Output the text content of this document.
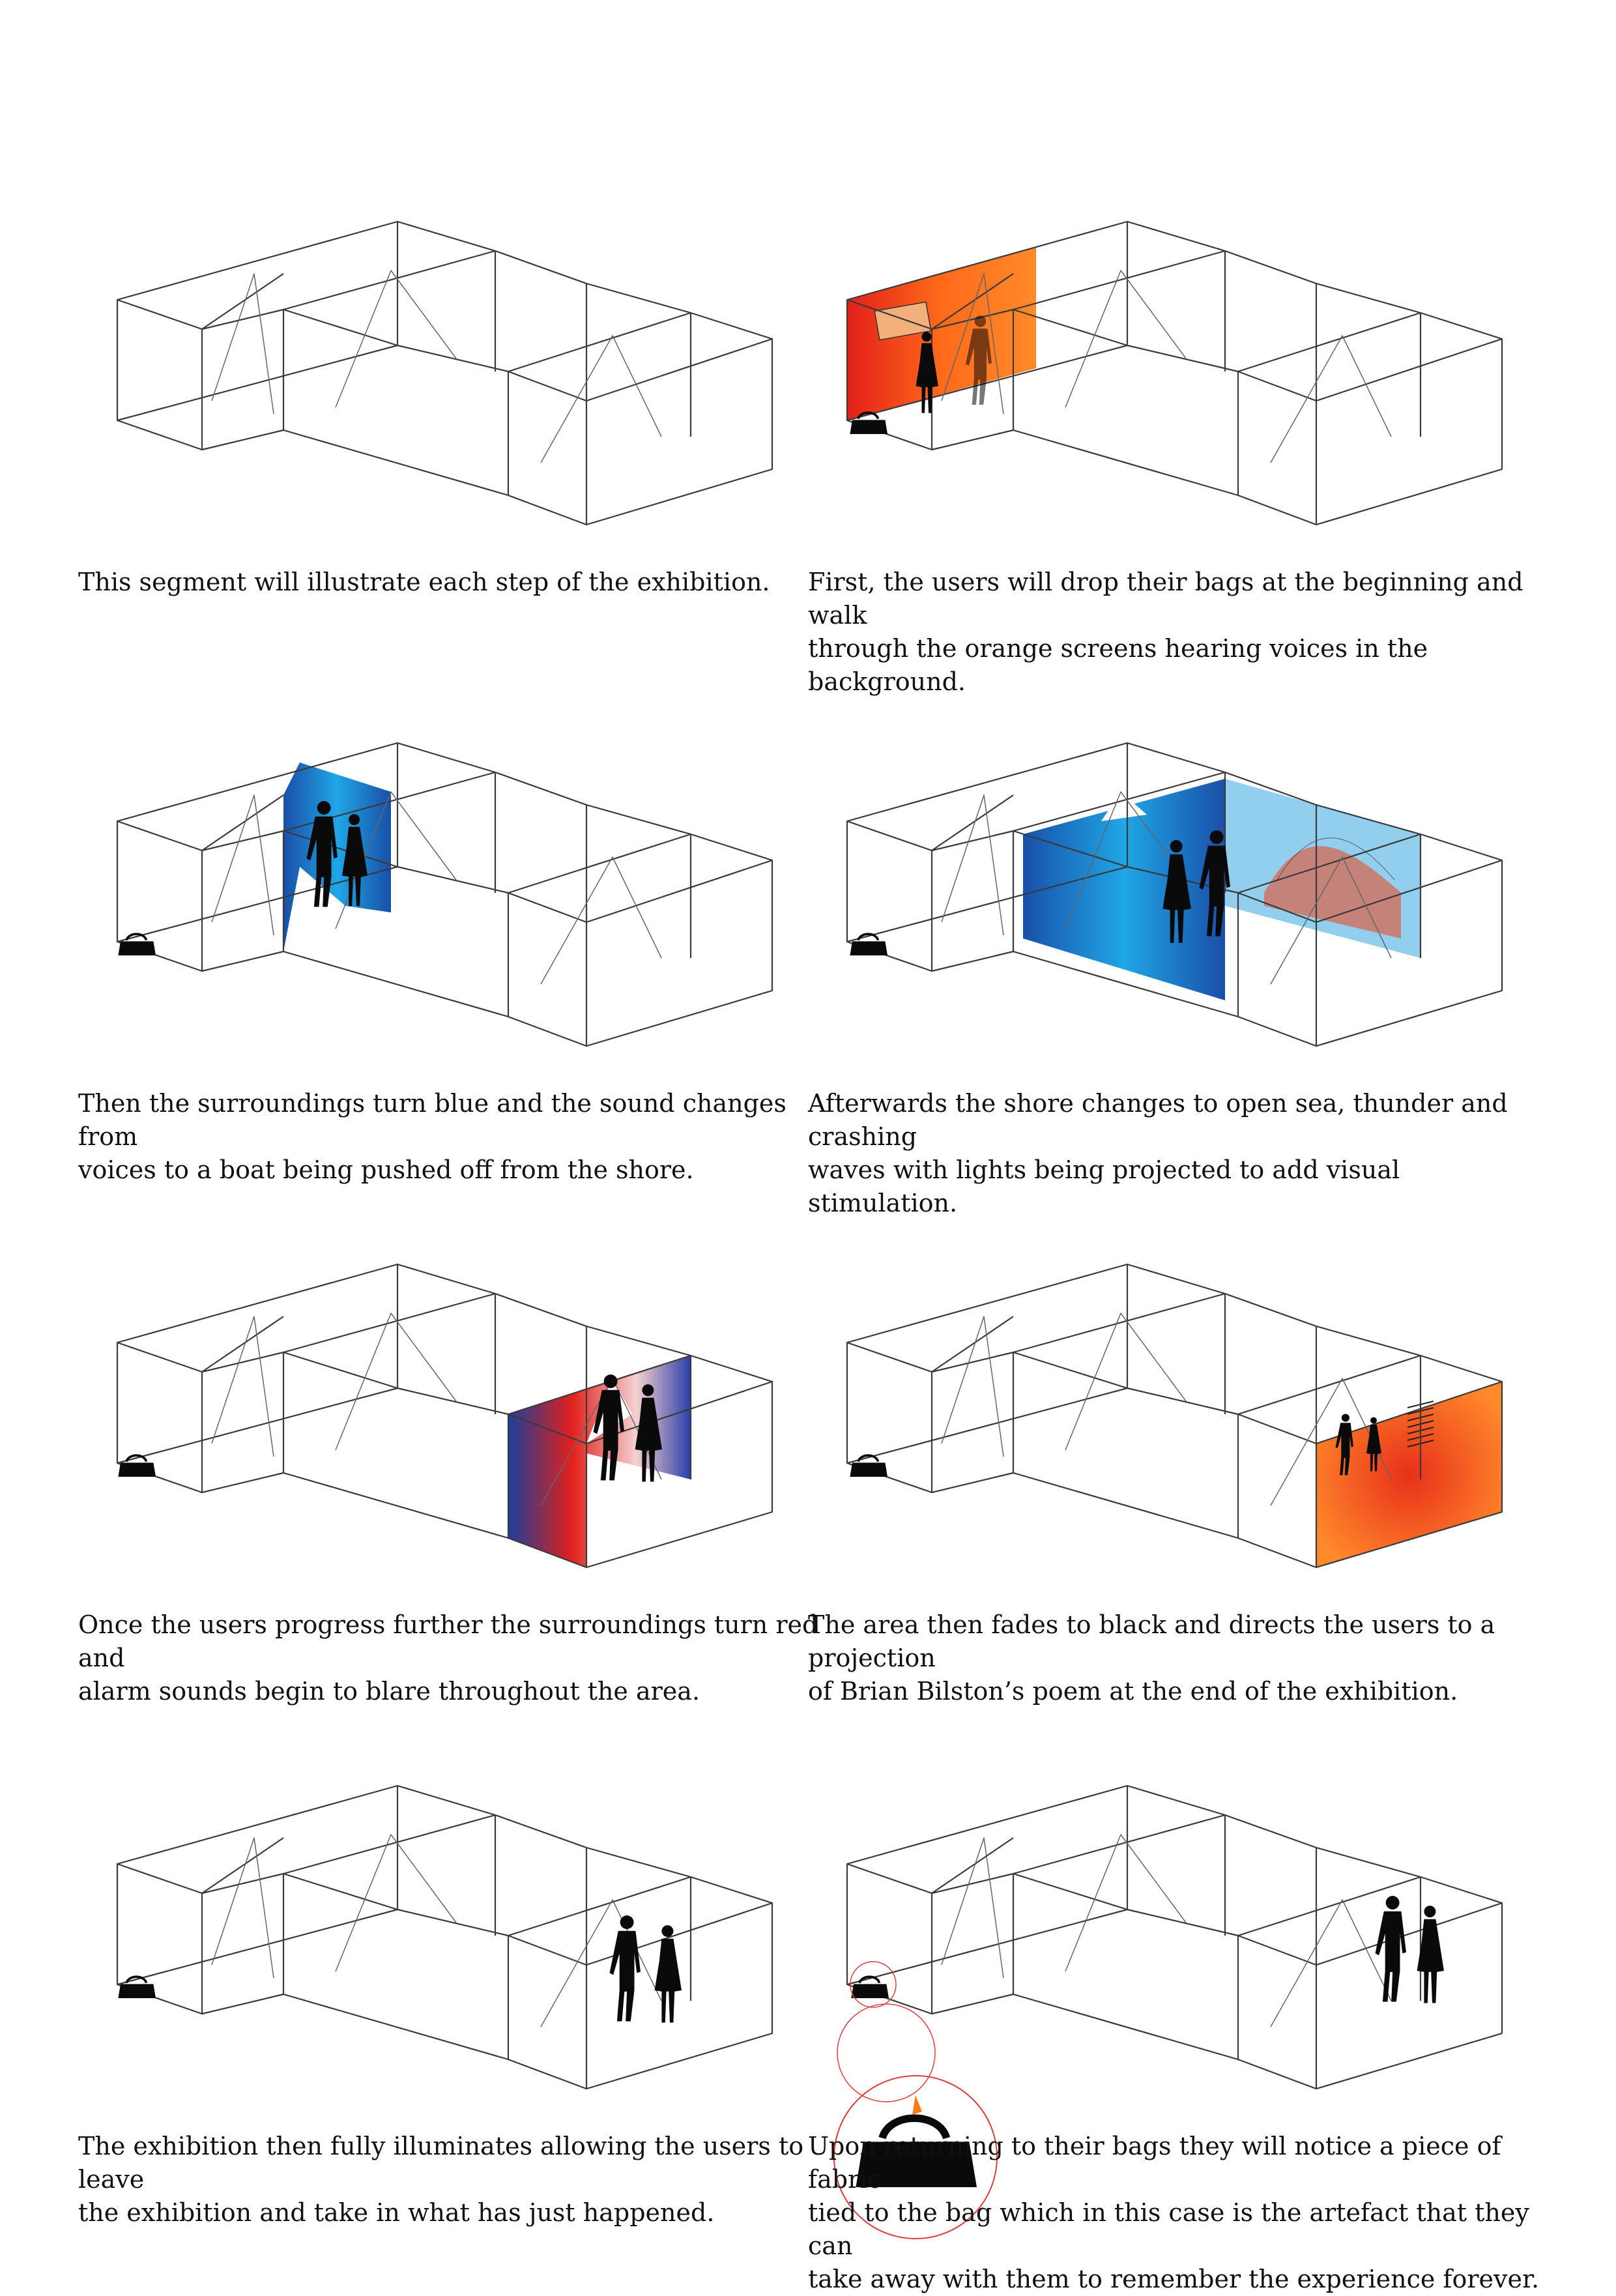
This segment will illustrate each step of the exhibition.	First, the users will drop their bags at the beginning and walk
through the orange screens hearing voices in the background.

Then the surroundings turn blue and the sound changes from
voices to a boat being pushed off from the shore.

Afterwards the shore changes to open sea, thunder and crashing
waves with lights being projected to add visual stimulation.

Once the users progress further the surroundings turn red and
alarm sounds begin to blare throughout the area.

The area then fades to black and directs the users to a projection
of Brian Bilston’s poem at the end of the exhibition.

The exhibition then fully illuminates allowing the users to leave
the exhibition and take in what has just happened.

Upon returning to their bags they will notice a piece of fabric
tied to the bag which in this case is the artefact that they can
take away with them to remember the experience forever.
